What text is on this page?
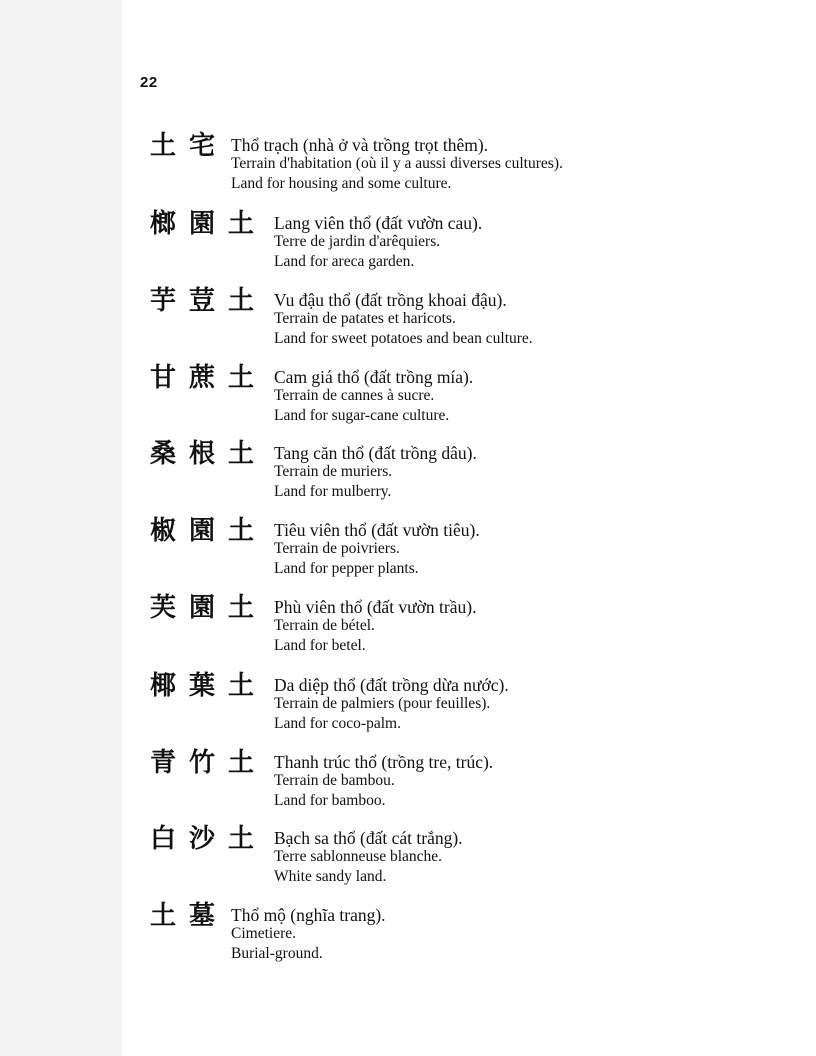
22
土 宅 Thổ trạch (nhà ở và trồng trọt thêm).
Terrain d'habitation (où il y a aussi diverses cultures).
Land for housing and some culture.
榔 園 土	Lang viên thổ (đất vườn cau).
Terre de jardin d'arêquiers.
Land for areca garden.
芋 荳 土	Vu đậu thổ (đất trồng khoai đậu).
Terrain de patates et haricots.
Land for sweet potatoes and bean culture.
甘 蔗 土	Cam giá thổ (đất trồng mía).
Terrain de cannes à sucre.
Land for sugar-cane culture.
桑 根 土	Tang căn thổ (đất trồng dâu).
Terrain de muriers.
Land for mulberry.
椒 園 土	Tiêu viên thổ (đất vườn tiêu).
Terrain de poivriers.
Land for pepper plants.
芙 園 土	Phù viên thổ (đất vườn trầu).
Terrain de bétel.
Land for betel.
椰 葉 土	Da diệp thổ (đất trồng dừa nước).
Terrain de palmiers (pour feuilles).
Land for coco-palm.
青 竹 土	Thanh trúc thổ (trồng tre, trúc).
Terrain de bambou.
Land for bamboo.
白 沙 土	Bạch sa thổ (đất cát trắng).
Terre sablonneuse blanche.
White sandy land.
土 墓 Thổ mộ (nghĩa trang).
Cimetiere.
Burial-ground.
